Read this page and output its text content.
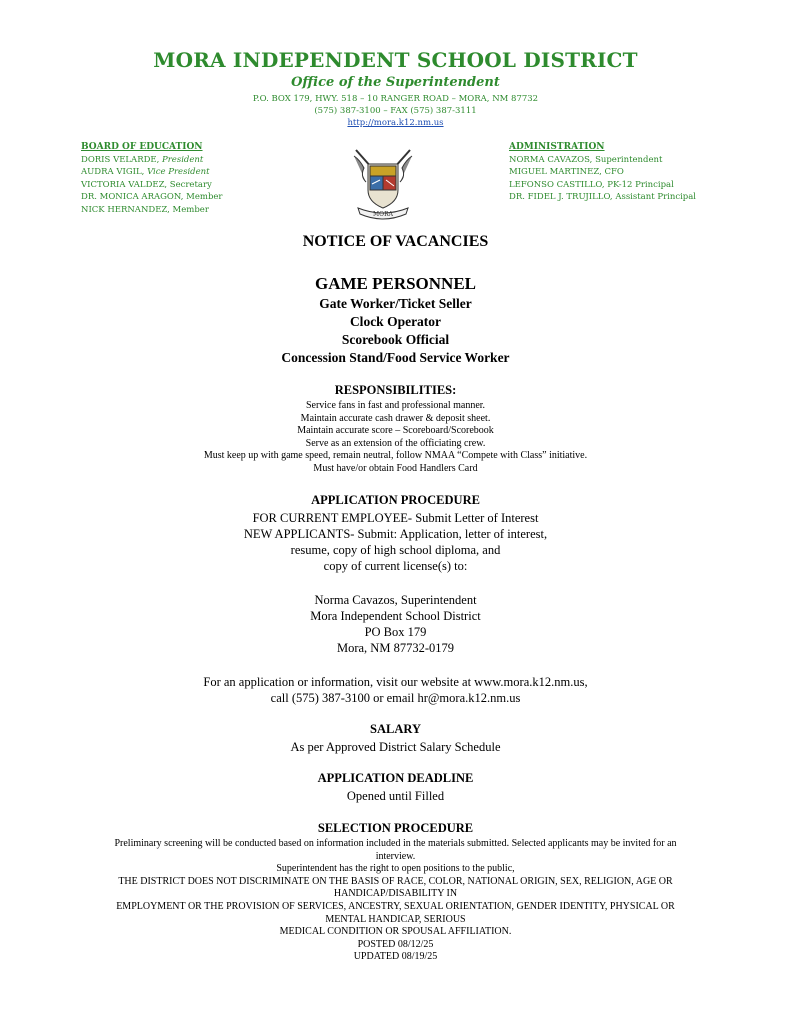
MORA INDEPENDENT SCHOOL DISTRICT
Office of the Superintendent
P.O. BOX 179, HWY. 518 – 10 RANGER ROAD – MORA, NM 87732
(575) 387-3100 – FAX (575) 387-3111
http://mora.k12.nm.us
BOARD OF EDUCATION
DORIS VELARDE, President
AUDRA VIGIL, Vice President
VICTORIA VALDEZ, Secretary
DR. MONICA ARAGON, Member
NICK HERNANDEZ, Member	MORA
ADMINISTRATION
NORMA CAVAZOS, Superintendent
MIGUEL MARTINEZ, CFO
LEFONSO CASTILLO, PK-12 Principal
DR. FIDEL J. TRUJILLO, Assistant Principal
NOTICE OF VACANCIES
GAME PERSONNEL
Gate Worker/Ticket Seller
Clock Operator
Scorebook Official
Concession Stand/Food Service Worker
RESPONSIBILITIES:
Service fans in fast and professional manner.
Maintain accurate cash drawer & deposit sheet.
Maintain accurate score – Scoreboard/Scorebook
Serve as an extension of the officiating crew.
Must keep up with game speed, remain neutral, follow NMAA “Compete with Class” initiative.
Must have/or obtain Food Handlers Card
APPLICATION PROCEDURE
FOR CURRENT EMPLOYEE- Submit Letter of Interest
NEW APPLICANTS- Submit: Application, letter of interest,
resume, copy of high school diploma, and
copy of current license(s) to:
Norma Cavazos, Superintendent
Mora Independent School District
PO Box 179
Mora, NM 87732-0179
For an application or information, visit our website at www.mora.k12.nm.us,
call (575) 387-3100 or email hr@mora.k12.nm.us
SALARY
As per Approved District Salary Schedule
APPLICATION DEADLINE
Opened until Filled
SELECTION PROCEDURE
Preliminary screening will be conducted based on information included in the materials submitted. Selected applicants may be invited for an
interview.
Superintendent has the right to open positions to the public,
THE DISTRICT DOES NOT DISCRIMINATE ON THE BASIS OF RACE, COLOR, NATIONAL ORIGIN, SEX, RELIGION, AGE OR
HANDICAP/DISABILITY IN
EMPLOYMENT OR THE PROVISION OF SERVICES, ANCESTRY, SEXUAL ORIENTATION, GENDER IDENTITY, PHYSICAL OR
MENTAL HANDICAP, SERIOUS
MEDICAL CONDITION OR SPOUSAL AFFILIATION.
POSTED 08/12/25
UPDATED 08/19/25
